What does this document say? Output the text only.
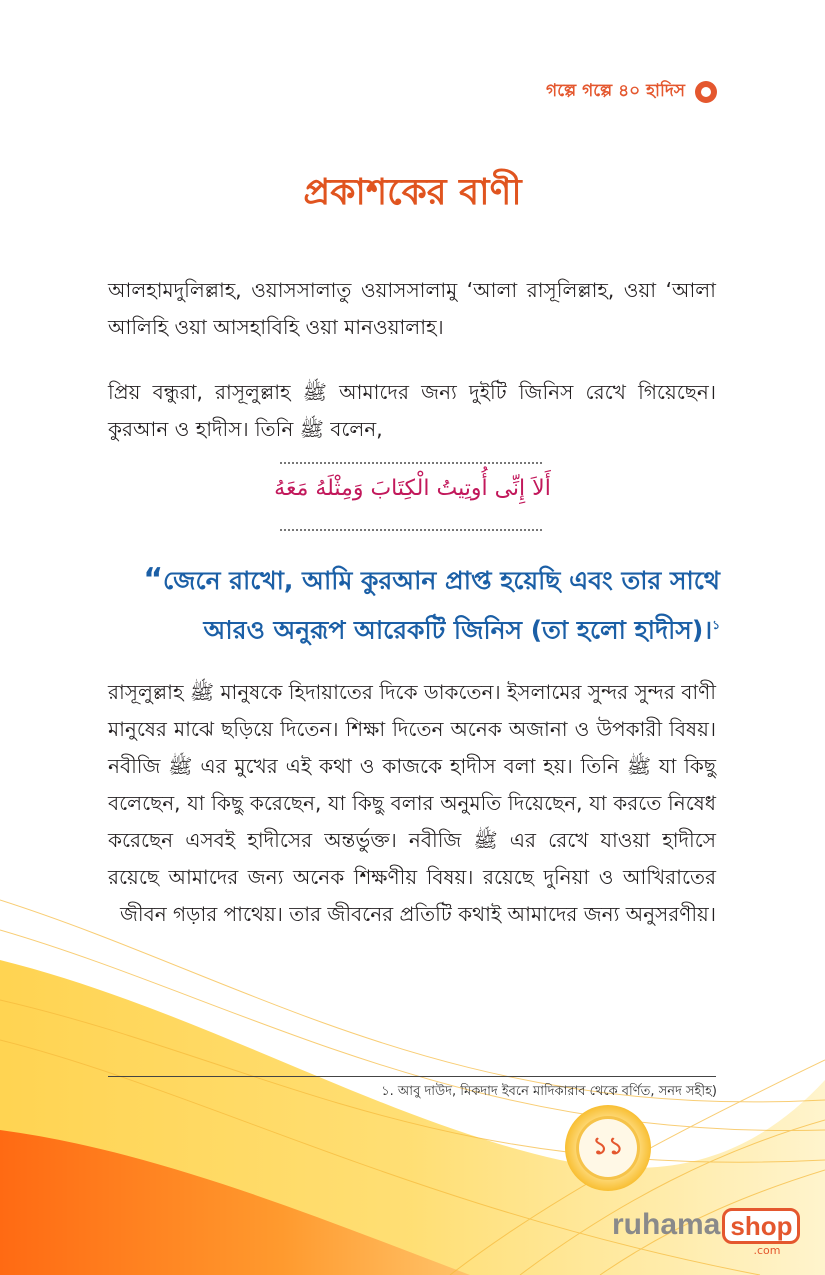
গল্পে গল্পে ৪০ হাদিস
প্রকাশকের বাণী
আলহামদুলিল্লাহ, ওয়াসসালাতু ওয়াসসালামু ‘আলা রাসূলিল্লাহ, ওয়া ‘আলা আলিহি ওয়া আসহাবিহি ওয়া মানওয়ালাহ।
প্রিয় বন্ধুরা, রাসূলুল্লাহ ﷺ আমাদের জন্য দুইটি জিনিস রেখে গিয়েছেন। কুরআন ও হাদীস। তিনি ﷺ বলেন,
أَلاَ إِنِّى أُوتِيتُ الْكِتَابَ وَمِثْلَهُ مَعَهُ
“জেনে রাখো, আমি কুরআন প্রাপ্ত হয়েছি এবং তার সাথে
আরও অনুরূপ আরেকটি জিনিস (তা হলো হাদীস)।$^১$
রাসূলুল্লাহ ﷺ মানুষকে হিদায়াতের দিকে ডাকতেন। ইসলামের সুন্দর সুন্দর বাণী মানুষের মাঝে ছড়িয়ে দিতেন। শিক্ষা দিতেন অনেক অজানা ও উপকারী বিষয়। নবীজি ﷺ এর মুখের এই কথা ও কাজকে হাদীস বলা হয়। তিনি ﷺ যা কিছু বলেছেন, যা কিছু করেছেন, যা কিছু বলার অনুমতি দিয়েছেন, যা করতে নিষেধ করেছেন এসবই হাদীসের অন্তর্ভুক্ত। নবীজি ﷺ এর রেখে যাওয়া হাদীসে রয়েছে আমাদের জন্য অনেক শিক্ষণীয় বিষয়। রয়েছে দুনিয়া ও আখিরাতের জীবন গড়ার পাথেয়। তার জীবনের প্রতিটি কথাই আমাদের জন্য অনুসরণীয়।
১. আবু দাউদ, মিকদাদ ইবনে মাদিকারাব থেকে বর্ণিত, সনদ সহীহ)
১১
ruhama shop
.com
